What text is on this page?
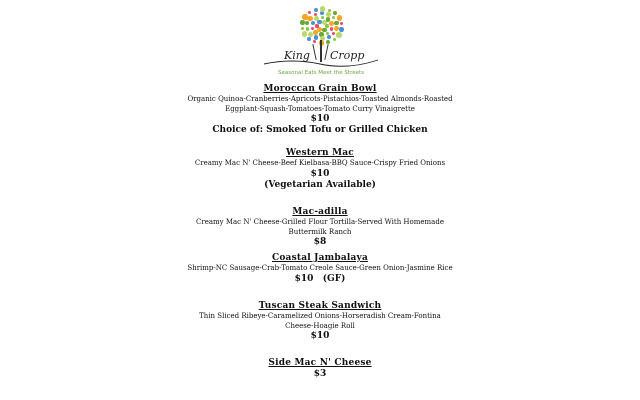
King Cropp
Seasonal Eats Meet the Streets
Moroccan Grain Bowl
Organic Quinoa-Cranberries-Apricots-Pistachios-Toasted Almonds-Roasted Eggplant-Squash-Tomatoes-Tomato Curry Vinaigrette
$10
Choice of: Smoked Tofu or Grilled Chicken
Western Mac
Creamy Mac N' Cheese-Beef Kielbasa-BBQ Sauce-Crispy Fried Onions
$10
(Vegetarian Available)
Mac-adilla
Creamy Mac N' Cheese-Grilled Flour Tortilla-Served With Homemade Buttermilk Ranch
$8
Coastal Jambalaya
Shrimp-NC Sausage-Crab-Tomato Creole Sauce-Green Onion-Jasmine Rice
$10   (GF)
Tuscan Steak Sandwich
Thin Sliced Ribeye-Caramelized Onions-Horseradish Cream-Fontina Cheese-Hoagie Roll
$10
Side Mac N' Cheese
$3
